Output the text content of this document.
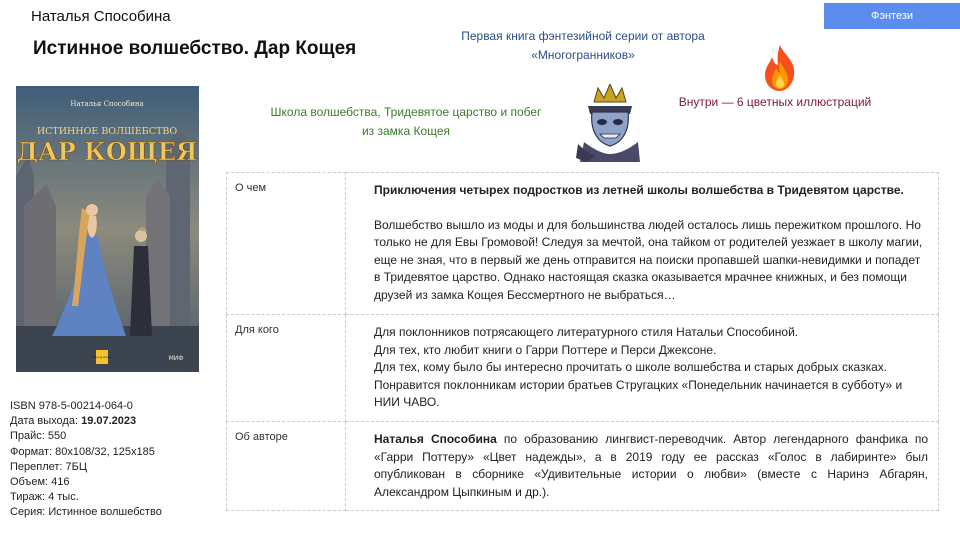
Наталья Способина	Фэнтези
Истинное волшебство. Дар Кощея
Первая книга фэнтезийной серии от автора «Многогранников»
Школа волшебства, Тридевятое царство и побег из замка Кощея
Внутри — 6 цветных иллюстраций
Наталья Способина
ИСТИННОЕ ВОЛШЕБСТВО
ДАР КОЩЕЯ
Young Adult	МИФ
ISBN 978-5-00214-064-0
Дата выхода: 19.07.2023
Прайс: 550
Формат: 80х108/32, 125х185
Переплет: 7БЦ
Объем: 416
Тираж: 4 тыс.
Серия: Истинное волшебство
О чем	Приключения четырех подростков из летней школы волшебства в Тридевятом царстве.

Волшебство вышло из моды и для большинства людей осталось лишь пережитком прошлого. Но только не для Евы Громовой! Следуя за мечтой, она тайком от родителей уезжает в школу магии, еще не зная, что в первый же день отправится на поиски пропавшей шапки-невидимки и попадет в Тридевятое царство. Однако настоящая сказка оказывается мрачнее книжных, и без помощи друзей из замка Кощея Бессмертного не выбраться…

Для кого	Для поклонников потрясающего литературного стиля Натальи Способиной.

Для тех, кто любит книги о Гарри Поттере и Перси Джексоне.

Для тех, кому было бы интересно прочитать о школе волшебства и старых добрых сказках.

Понравится поклонникам истории братьев Стругацких «Понедельник начинается в субботу» и НИИ ЧАВО.

Об авторе	Наталья Способина по образованию лингвист-переводчик. Автор легендарного фанфика по «Гарри Поттеру» «Цвет надежды», а в 2019 году ее рассказ «Голос в лабиринте» был опубликован в сборнике «Удивительные истории о любви» (вместе с Наринэ Абгарян, Александром Цыпкиным и др.).
